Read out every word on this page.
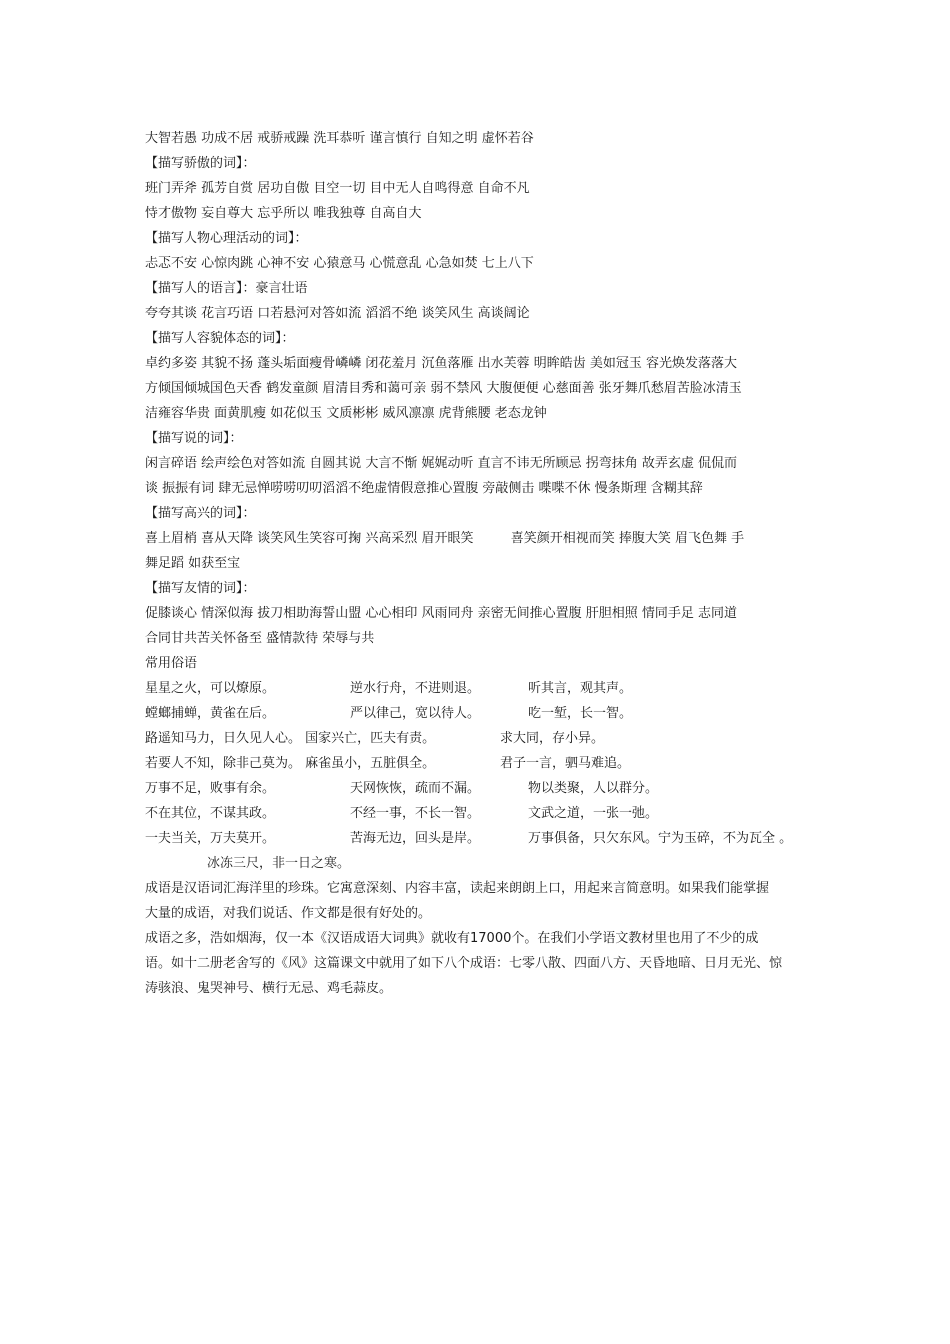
大智若愚 功成不居 戒骄戒躁 洗耳恭听 谨言慎行 自知之明 虚怀若谷
【描写骄傲的词】：
班门弄斧 孤芳自赏 居功自傲 目空一切 目中无人自鸣得意 自命不凡
恃才傲物 妄自尊大 忘乎所以 唯我独尊 自高自大
【描写人物心理活动的词】：
忐忑不安 心惊肉跳 心神不安 心猿意马 心慌意乱 心急如焚 七上八下
【描写人的语言】：豪言壮语
夸夸其谈 花言巧语 口若悬河对答如流 滔滔不绝 谈笑风生 高谈阔论
【描写人容貌体态的词】：
卓约多姿 其貌不扬 蓬头垢面瘦骨嶙嶙 闭花羞月 沉鱼落雁 出水芙蓉 明眸皓齿 美如冠玉 容光焕发落落大
方倾国倾城国色天香 鹤发童颜 眉清目秀和蔼可亲 弱不禁风 大腹便便 心慈面善 张牙舞爪愁眉苦脸冰清玉
洁雍容华贵 面黄肌瘦 如花似玉 文质彬彬 威风凛凛 虎背熊腰 老态龙钟
【描写说的词】：
闲言碎语 绘声绘色对答如流 自圆其说 大言不惭 娓娓动听 直言不讳无所顾忌 拐弯抹角 故弄玄虚 侃侃而
谈 振振有词 肆无忌惮唠唠叨叨滔滔不绝虚情假意推心置腹 旁敲侧击 喋喋不休 慢条斯理 含糊其辞
【描写高兴的词】：
喜上眉梢 喜从天降 谈笑风生笑容可掬 兴高采烈 眉开眼笑         喜笑颜开相视而笑 捧腹大笑 眉飞色舞 手
舞足蹈 如获至宝
【描写友情的词】：
促膝谈心 情深似海 拔刀相助海誓山盟 心心相印 风雨同舟 亲密无间推心置腹 肝胆相照 情同手足 志同道
合同甘共苦关怀备至 盛情款待 荣辱与共
常用俗语
星星之火，可以燎原。	逆水行舟，不进则退。	听其言，观其声。
螳螂捕蝉，黄雀在后。	严以律己，宽以待人。	吃一堑，长一智。
路遥知马力，日久见人心。 国家兴亡，匹夫有责。	求大同，存小异。
若要人不知，除非己莫为。 麻雀虽小，五脏俱全。	君子一言，驷马难追。
万事不足，败事有余。	天网恢恢，疏而不漏。	物以类聚，人以群分。
不在其位，不谋其政。	不经一事，不长一智。	文武之道，一张一弛。
一夫当关，万夫莫开。	苦海无边，回头是岸。	万事俱备，只欠东风。宁为玉碎，不为瓦全 。
冰冻三尺，非一日之寒。
成语是汉语词汇海洋里的珍珠。它寓意深刻、内容丰富，读起来朗朗上口，用起来言简意明。如果我们能掌握
大量的成语，对我们说话、作文都是很有好处的。
成语之多，浩如烟海，仅一本《汉语成语大词典》就收有17000个。在我们小学语文教材里也用了不少的成
语。如十二册老舍写的《风》这篇课文中就用了如下八个成语：七零八散、四面八方、天昏地暗、日月无光、惊
涛骇浪、鬼哭神号、横行无忌、鸡毛蒜皮。
